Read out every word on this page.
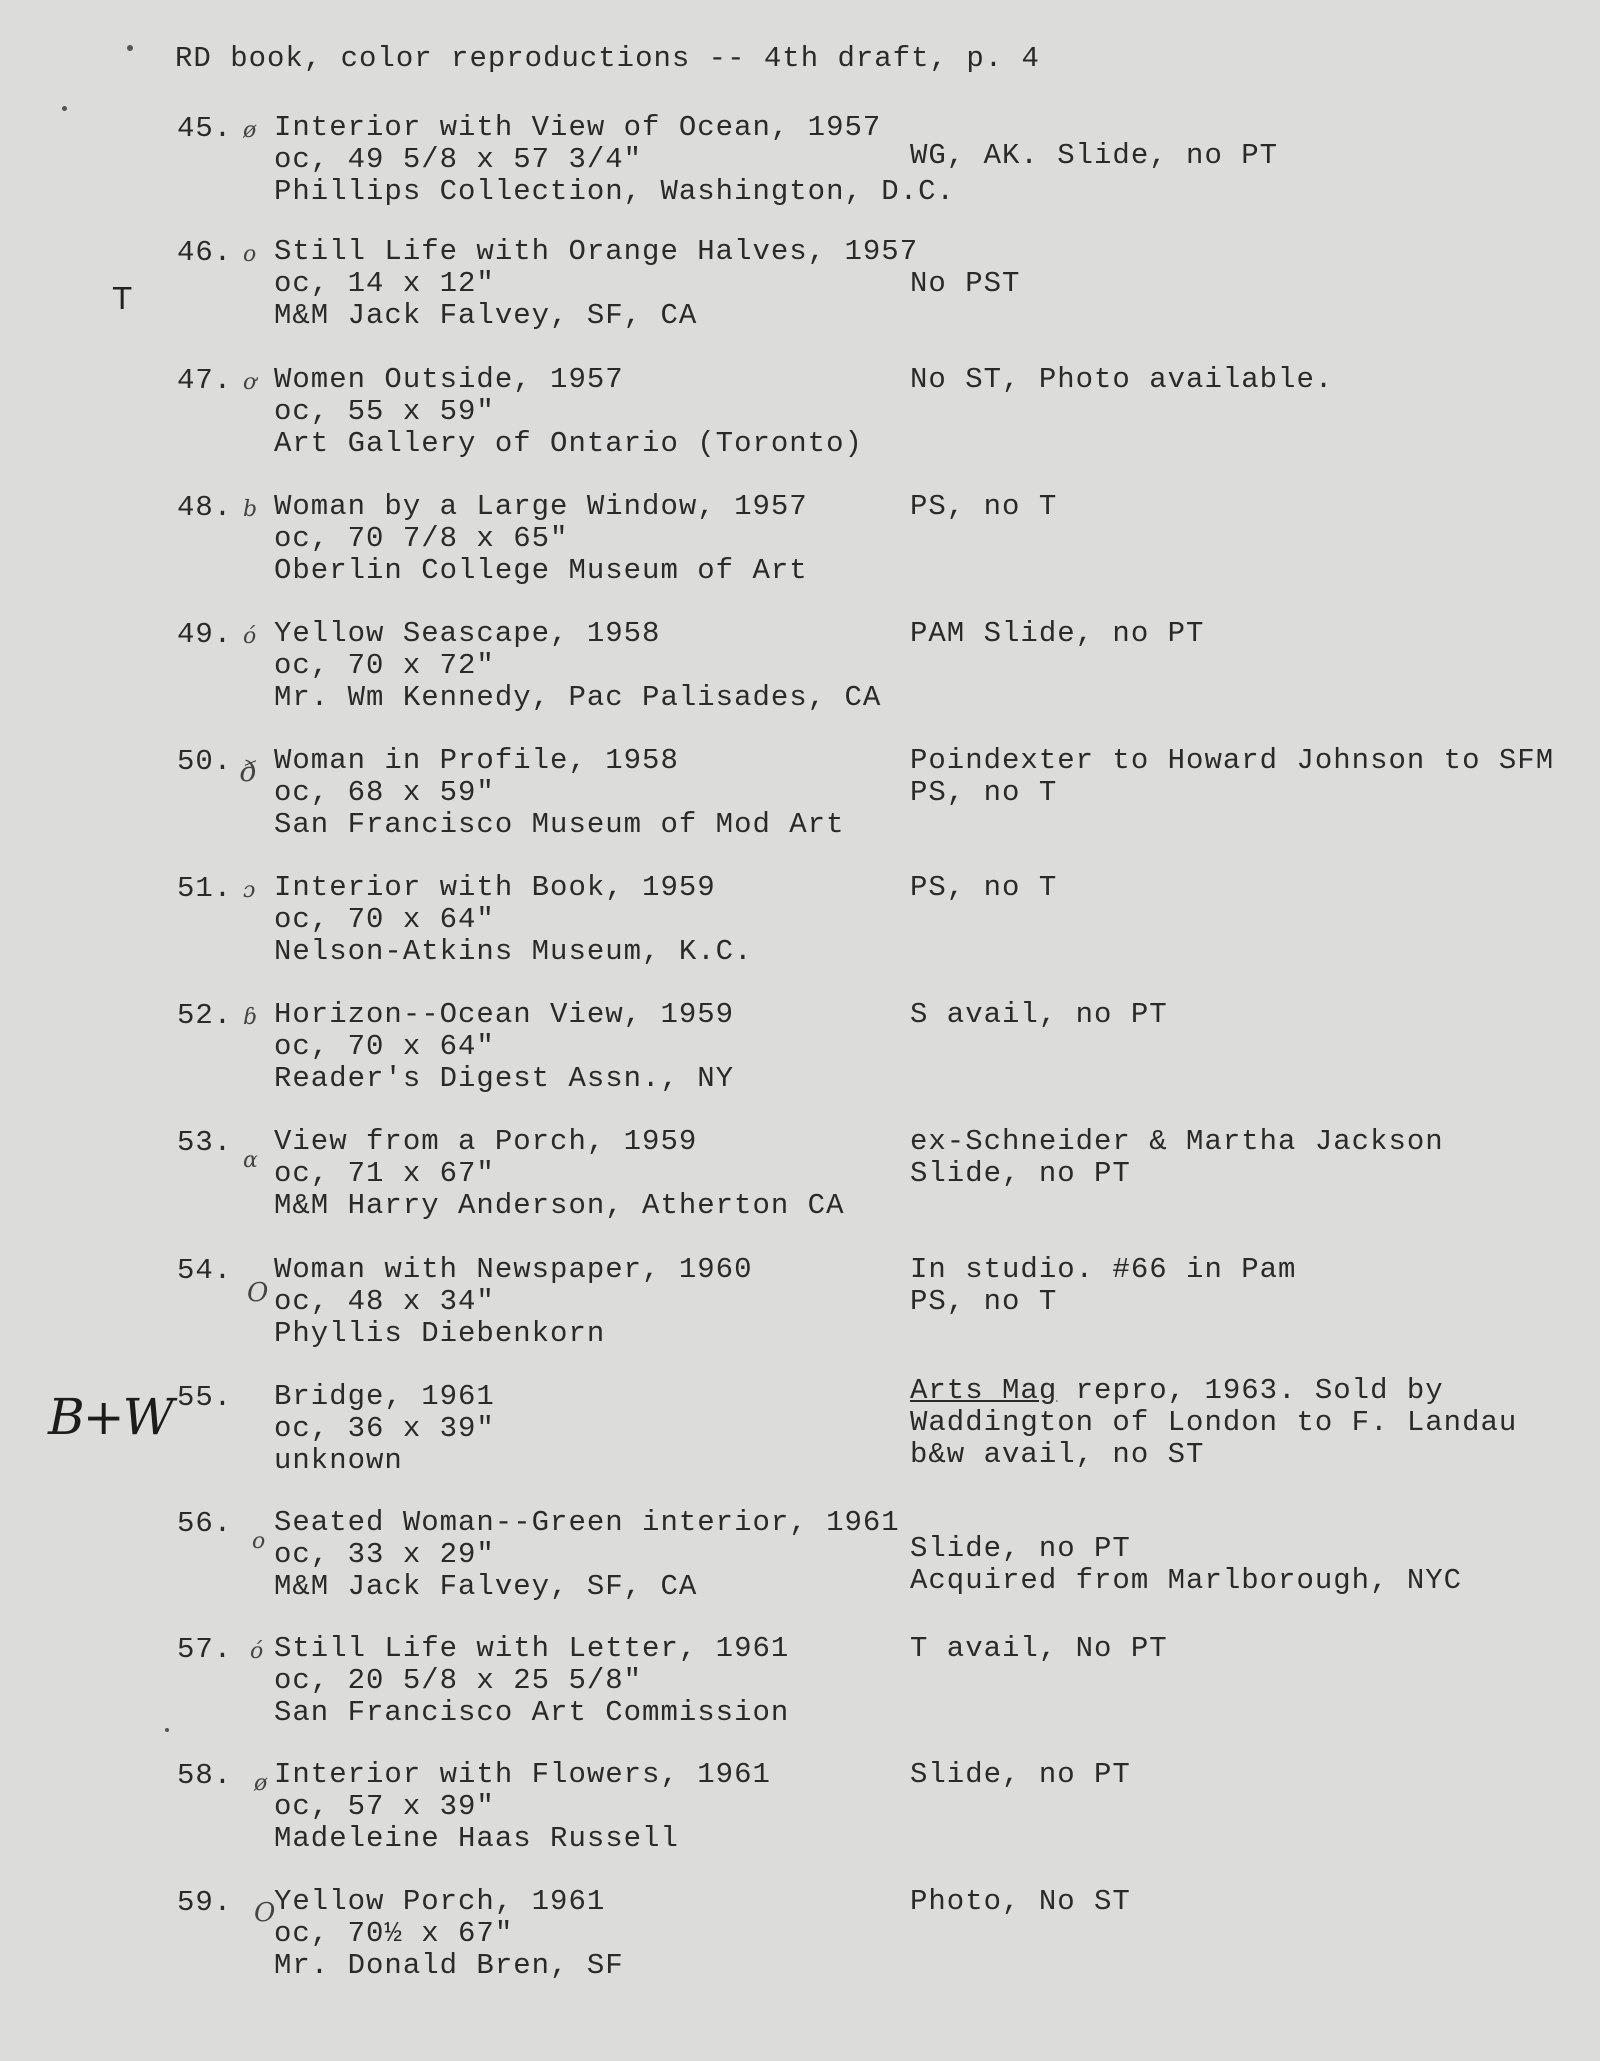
RD book, color reproductions -- 4th draft, p. 4
T
B+W
45. ø Interior with View of Ocean, 1957
oc, 49 5/8 x 57 3/4"
Phillips Collection, Washington, D.C.
WG, AK. Slide, no PT
46. o Still Life with Orange Halves, 1957
oc, 14 x 12"
M&M Jack Falvey, SF, CA
No PST
47. ơ Women Outside, 1957
oc, 55 x 59"
Art Gallery of Ontario (Toronto)
No ST, Photo available.
48. b Woman by a Large Window, 1957
oc, 70 7/8 x 65"
Oberlin College Museum of Art
PS, no T
49. ó Yellow Seascape, 1958
oc, 70 x 72"
Mr. Wm Kennedy, Pac Palisades, CA
PAM Slide, no PT
50. ð Woman in Profile, 1958
oc, 68 x 59"
San Francisco Museum of Mod Art
Poindexter to Howard Johnson to SFM
PS, no T
51. ɔ Interior with Book, 1959
oc, 70 x 64"
Nelson-Atkins Museum, K.C.
PS, no T
52. ɓ Horizon--Ocean View, 1959
oc, 70 x 64"
Reader's Digest Assn., NY
S avail, no PT
53.
ɑ
View from a Porch, 1959
oc, 71 x 67"
M&M Harry Anderson, Atherton CA
ex-Schneider & Martha Jackson
Slide, no PT
54.
O
Woman with Newspaper, 1960
oc, 48 x 34"
Phyllis Diebenkorn
In studio. #66 in Pam
PS, no T
55. Bridge, 1961
oc, 36 x 39"
unknown
Arts Mag repro, 1963. Sold by
Waddington of London to F. Landau
b&w avail, no ST
56.
o
Seated Woman--Green interior, 1961
oc, 33 x 29"
M&M Jack Falvey, SF, CA
Slide, no PT
Acquired from Marlborough, NYC
57. ó Still Life with Letter, 1961
oc, 20 5/8 x 25 5/8"
San Francisco Art Commission
T avail, No PT
58. ø Interior with Flowers, 1961
oc, 57 x 39"
Madeleine Haas Russell
Slide, no PT
59. O
Yellow Porch, 1961
oc, 70½ x 67"
Mr. Donald Bren, SF
Photo, No ST
